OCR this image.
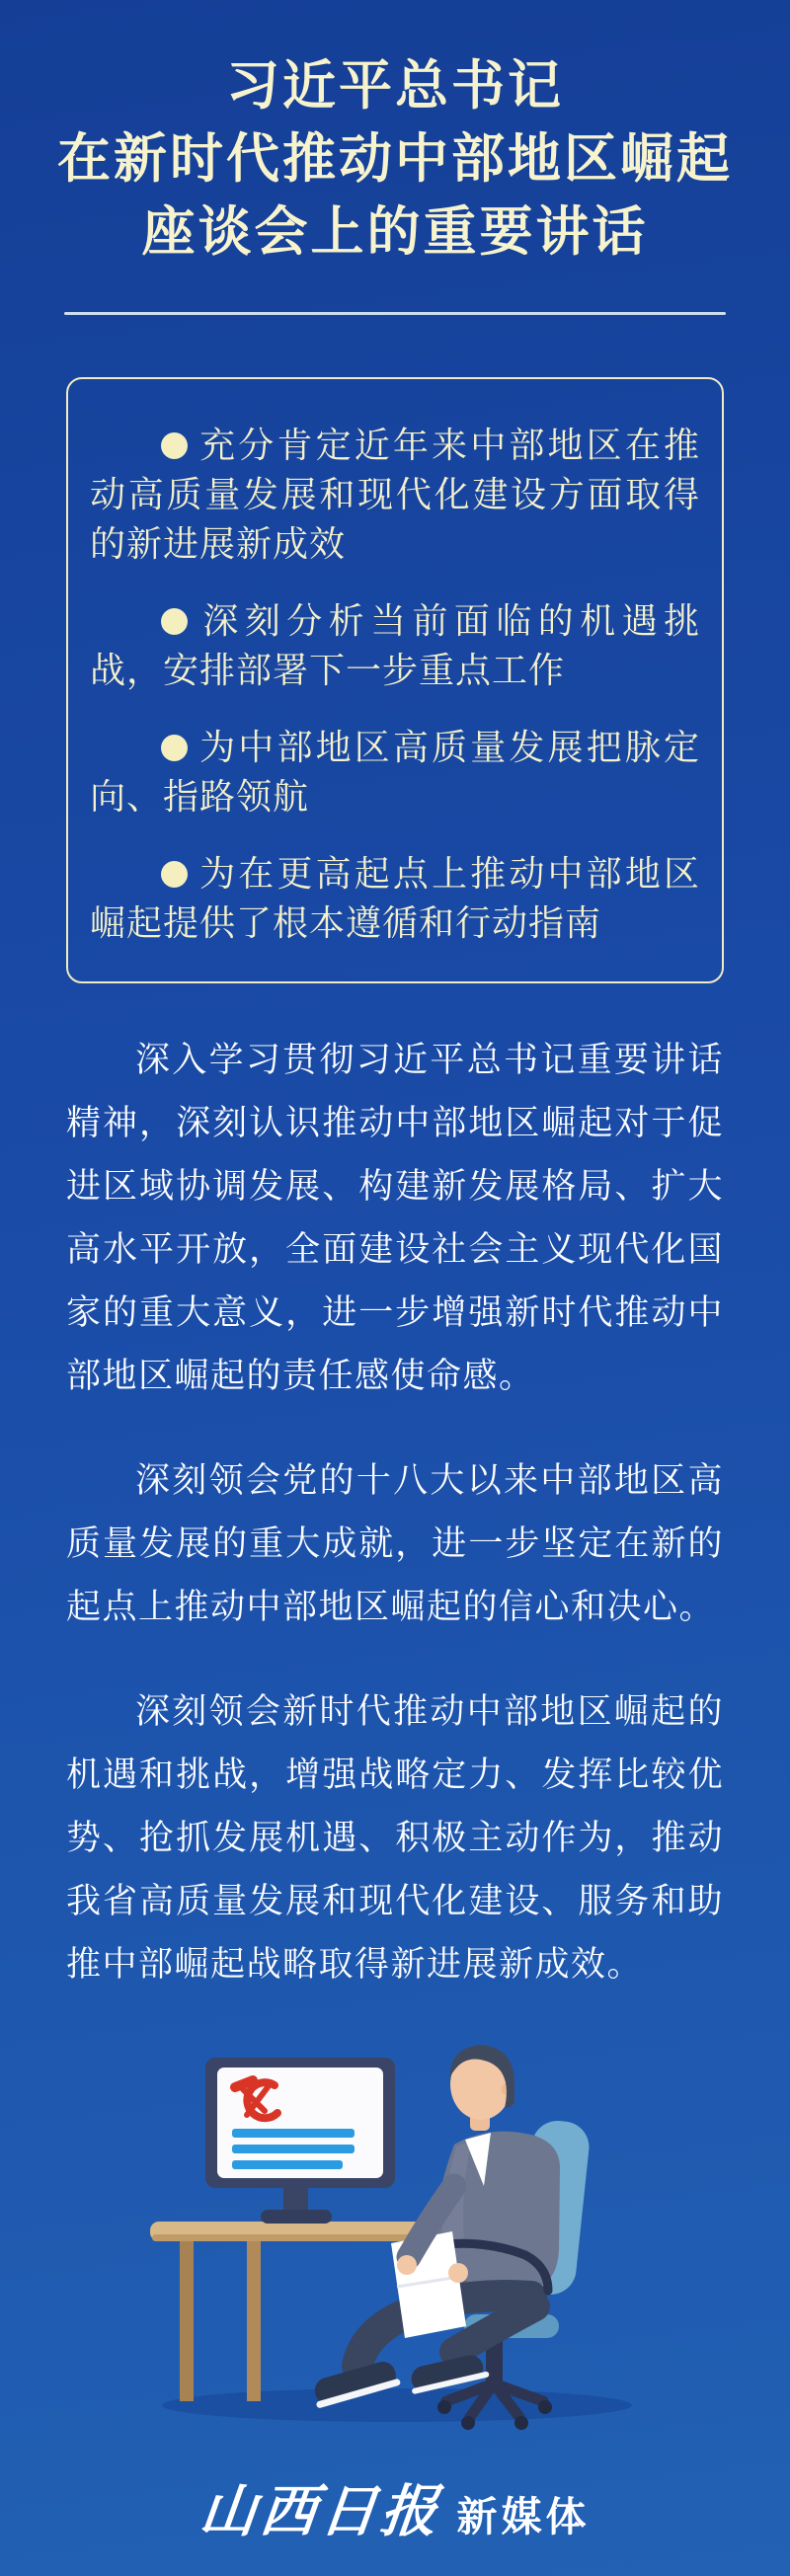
习近平总书记
在新时代推动中部地区崛起
座谈会上的重要讲话

充分肯定近年来中部地区在推动高质量发展和现代化建设方面取得的新进展新成效

深刻分析当前面临的机遇挑战，安排部署下一步重点工作

为中部地区高质量发展把脉定向、指路领航

为在更高起点上推动中部地区崛起提供了根本遵循和行动指南

深入学习贯彻习近平总书记重要讲话精神，深刻认识推动中部地区崛起对于促进区域协调发展、构建新发展格局、扩大高水平开放，全面建设社会主义现代化国家的重大意义，进一步增强新时代推动中部地区崛起的责任感使命感。

深刻领会党的十八大以来中部地区高质量发展的重大成就，进一步坚定在新的起点上推动中部地区崛起的信心和决心。

深刻领会新时代推动中部地区崛起的机遇和挑战，增强战略定力、发挥比较优势、抢抓发展机遇、积极主动作为，推动我省高质量发展和现代化建设、服务和助推中部崛起战略取得新进展新成效。

山西日报 新媒体
